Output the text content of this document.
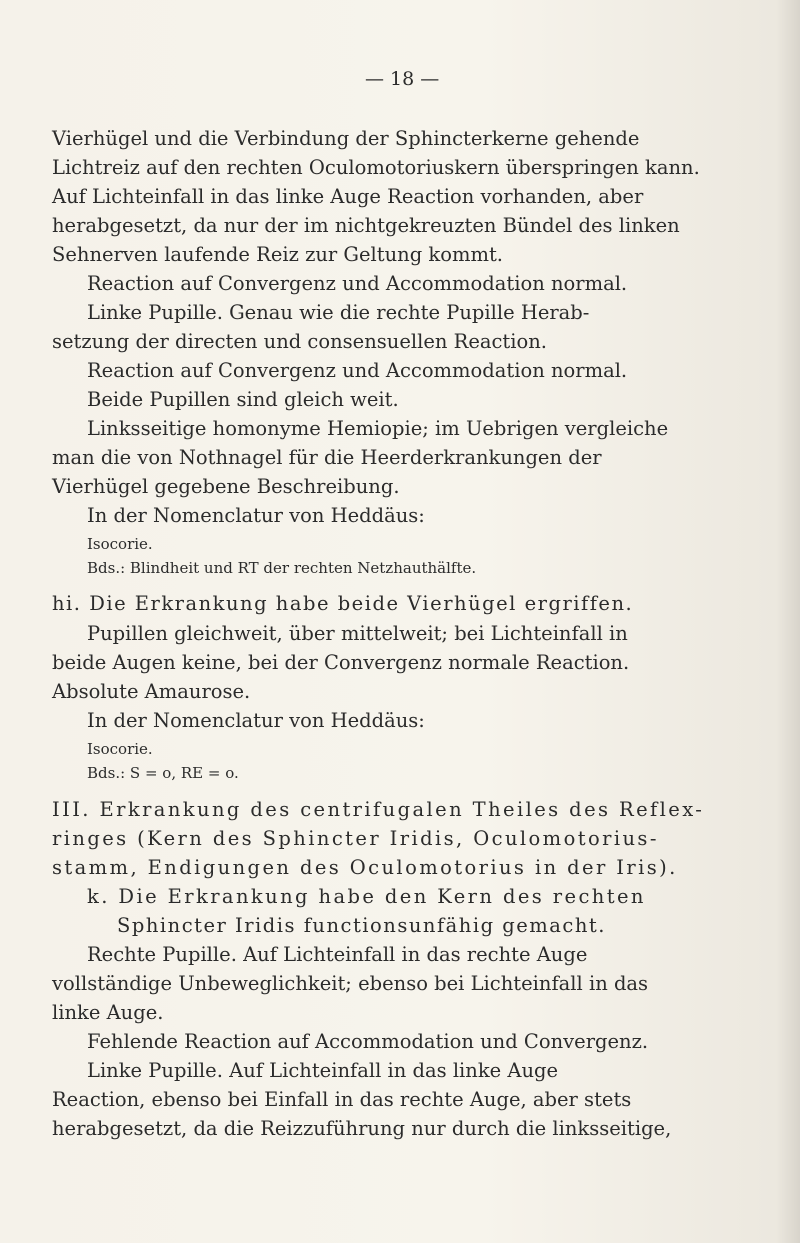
— 18 —
Vierhügel und die Verbindung der Sphincterkerne gehende
Lichtreiz auf den rechten Oculomotoriuskern überspringen kann.
Auf Lichteinfall in das linke Auge Reaction vorhanden, aber
herabgesetzt, da nur der im nichtgekreuzten Bündel des linken
Sehnerven laufende Reiz zur Geltung kommt.
Reaction auf Convergenz und Accommodation normal.
Linke Pupille. Genau wie die rechte Pupille Herab-
setzung der directen und consensuellen Reaction.
Reaction auf Convergenz und Accommodation normal.
Beide Pupillen sind gleich weit.
Linksseitige homonyme Hemiopie; im Uebrigen vergleiche
man die von Nothnagel für die Heerderkrankungen der
Vierhügel gegebene Beschreibung.
In der Nomenclatur von Heddäus:
Isocorie.
Bds.: Blindheit und RT der rechten Netzhauthälfte.
hi. Die Erkrankung habe beide Vierhügel ergriffen.
Pupillen gleichweit, über mittelweit; bei Lichteinfall in
beide Augen keine, bei der Convergenz normale Reaction.
Absolute Amaurose.
In der Nomenclatur von Heddäus:
Isocorie.
Bds.: S = o, RE = o.
III. Erkrankung des centrifugalen Theiles des Reflex-
ringes (Kern des Sphincter Iridis, Oculomotorius-
stamm, Endigungen des Oculomotorius in der Iris).
k. Die Erkrankung habe den Kern des rechten
Sphincter Iridis functionsunfähig gemacht.
Rechte Pupille. Auf Lichteinfall in das rechte Auge
vollständige Unbeweglichkeit; ebenso bei Lichteinfall in das
linke Auge.
Fehlende Reaction auf Accommodation und Convergenz.
Linke Pupille. Auf Lichteinfall in das linke Auge
Reaction, ebenso bei Einfall in das rechte Auge, aber stets
herabgesetzt, da die Reizzuführung nur durch die linksseitige,
